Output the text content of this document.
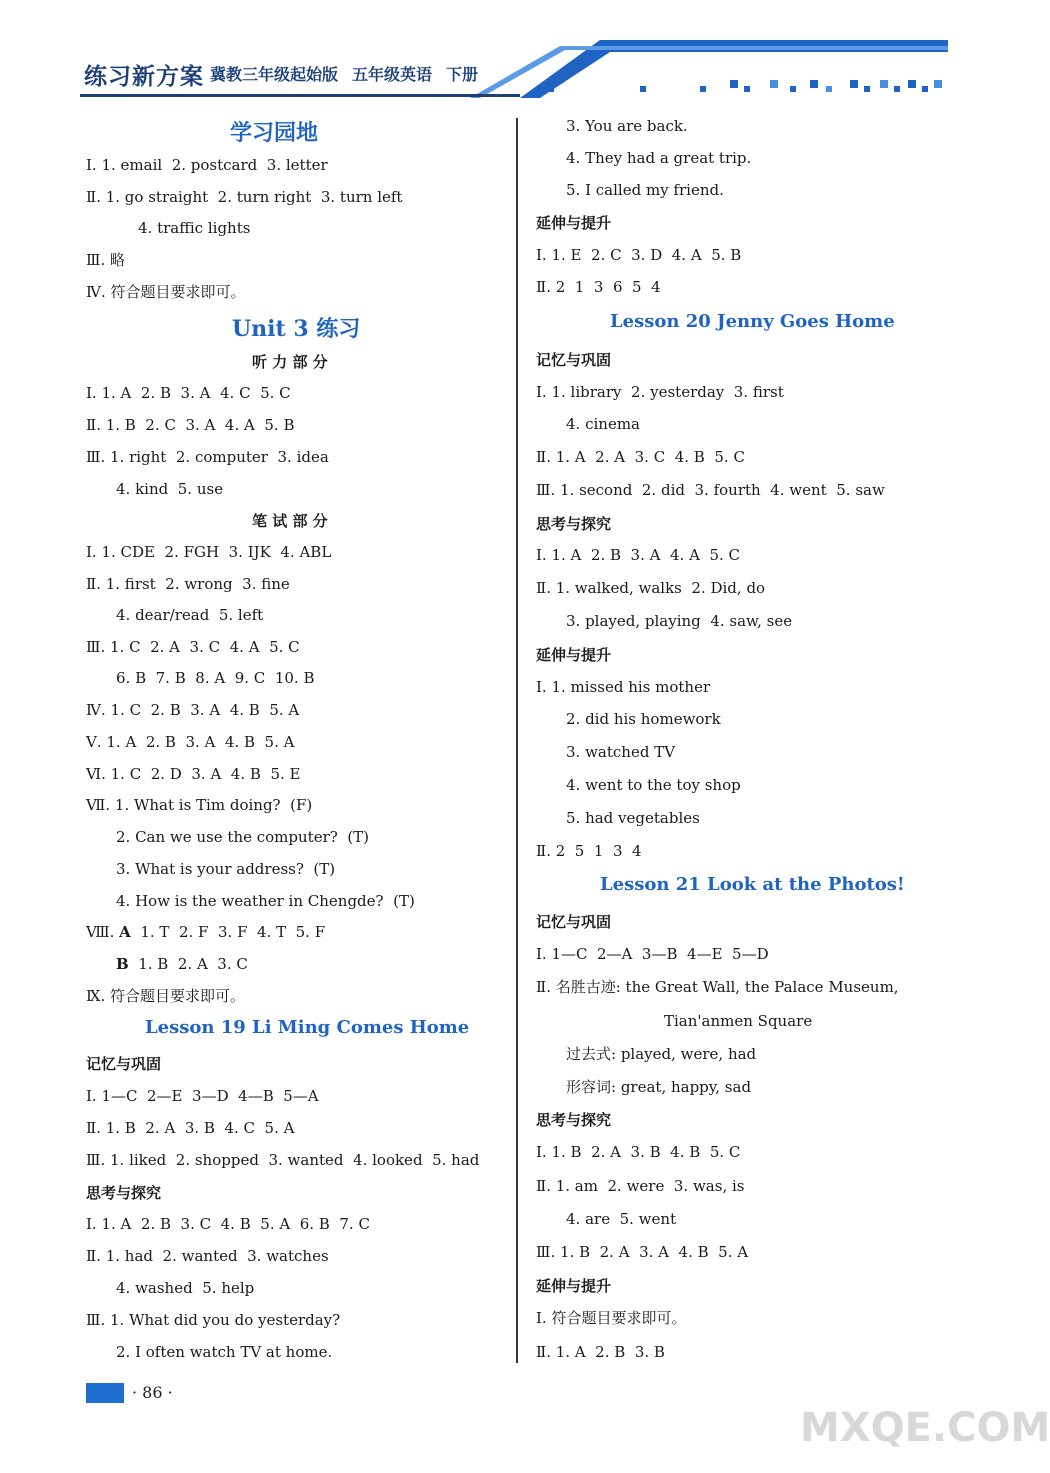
练习新方案 冀教三年级起始版 五年级英语 下册
学习园地
Ⅰ. 1. email  2. postcard  3. letter
Ⅱ. 1. go straight  2. turn right  3. turn left
4. traffic lights
Ⅲ. 略
Ⅳ. 符合题目要求即可。
Unit 3 练习
听 力 部 分
Ⅰ. 1. A  2. B  3. A  4. C  5. C
Ⅱ. 1. B  2. C  3. A  4. A  5. B
Ⅲ. 1. right  2. computer  3. idea
4. kind  5. use
笔 试 部 分
Ⅰ. 1. CDE  2. FGH  3. IJK  4. ABL
Ⅱ. 1. first  2. wrong  3. fine
4. dear/read  5. left
Ⅲ. 1. C  2. A  3. C  4. A  5. C
6. B  7. B  8. A  9. C  10. B
Ⅳ. 1. C  2. B  3. A  4. B  5. A
Ⅴ. 1. A  2. B  3. A  4. B  5. A
Ⅵ. 1. C  2. D  3. A  4. B  5. E
Ⅶ. 1. What is Tim doing?  (F)
2. Can we use the computer?  (T)
3. What is your address?  (T)
4. How is the weather in Chengde?  (T)
Ⅷ. A  1. T  2. F  3. F  4. T  5. F
B  1. B  2. A  3. C
Ⅸ. 符合题目要求即可。
Lesson 19 Li Ming Comes Home
记忆与巩固
Ⅰ. 1—C  2—E  3—D  4—B  5—A
Ⅱ. 1. B  2. A  3. B  4. C  5. A
Ⅲ. 1. liked  2. shopped  3. wanted  4. looked  5. had
思考与探究
Ⅰ. 1. A  2. B  3. C  4. B  5. A  6. B  7. C
Ⅱ. 1. had  2. wanted  3. watches
4. washed  5. help
Ⅲ. 1. What did you do yesterday?
2. I often watch TV at home.
3. You are back.
4. They had a great trip.
5. I called my friend.
延伸与提升
Ⅰ. 1. E  2. C  3. D  4. A  5. B
Ⅱ. 2  1  3  6  5  4
Lesson 20 Jenny Goes Home
记忆与巩固
Ⅰ. 1. library  2. yesterday  3. first
4. cinema
Ⅱ. 1. A  2. A  3. C  4. B  5. C
Ⅲ. 1. second  2. did  3. fourth  4. went  5. saw
思考与探究
Ⅰ. 1. A  2. B  3. A  4. A  5. C
Ⅱ. 1. walked, walks  2. Did, do
3. played, playing  4. saw, see
延伸与提升
Ⅰ. 1. missed his mother
2. did his homework
3. watched TV
4. went to the toy shop
5. had vegetables
Ⅱ. 2  5  1  3  4
Lesson 21 Look at the Photos!
记忆与巩固
Ⅰ. 1—C  2—A  3—B  4—E  5—D
Ⅱ. 名胜古迹: the Great Wall, the Palace Museum,
Tian'anmen Square
过去式: played, were, had
形容词: great, happy, sad
思考与探究
Ⅰ. 1. B  2. A  3. B  4. B  5. C
Ⅱ. 1. am  2. were  3. was, is
4. are  5. went
Ⅲ. 1. B  2. A  3. A  4. B  5. A
延伸与提升
Ⅰ. 符合题目要求即可。
Ⅱ. 1. A  2. B  3. B
· 86 ·
MXQE.COM
